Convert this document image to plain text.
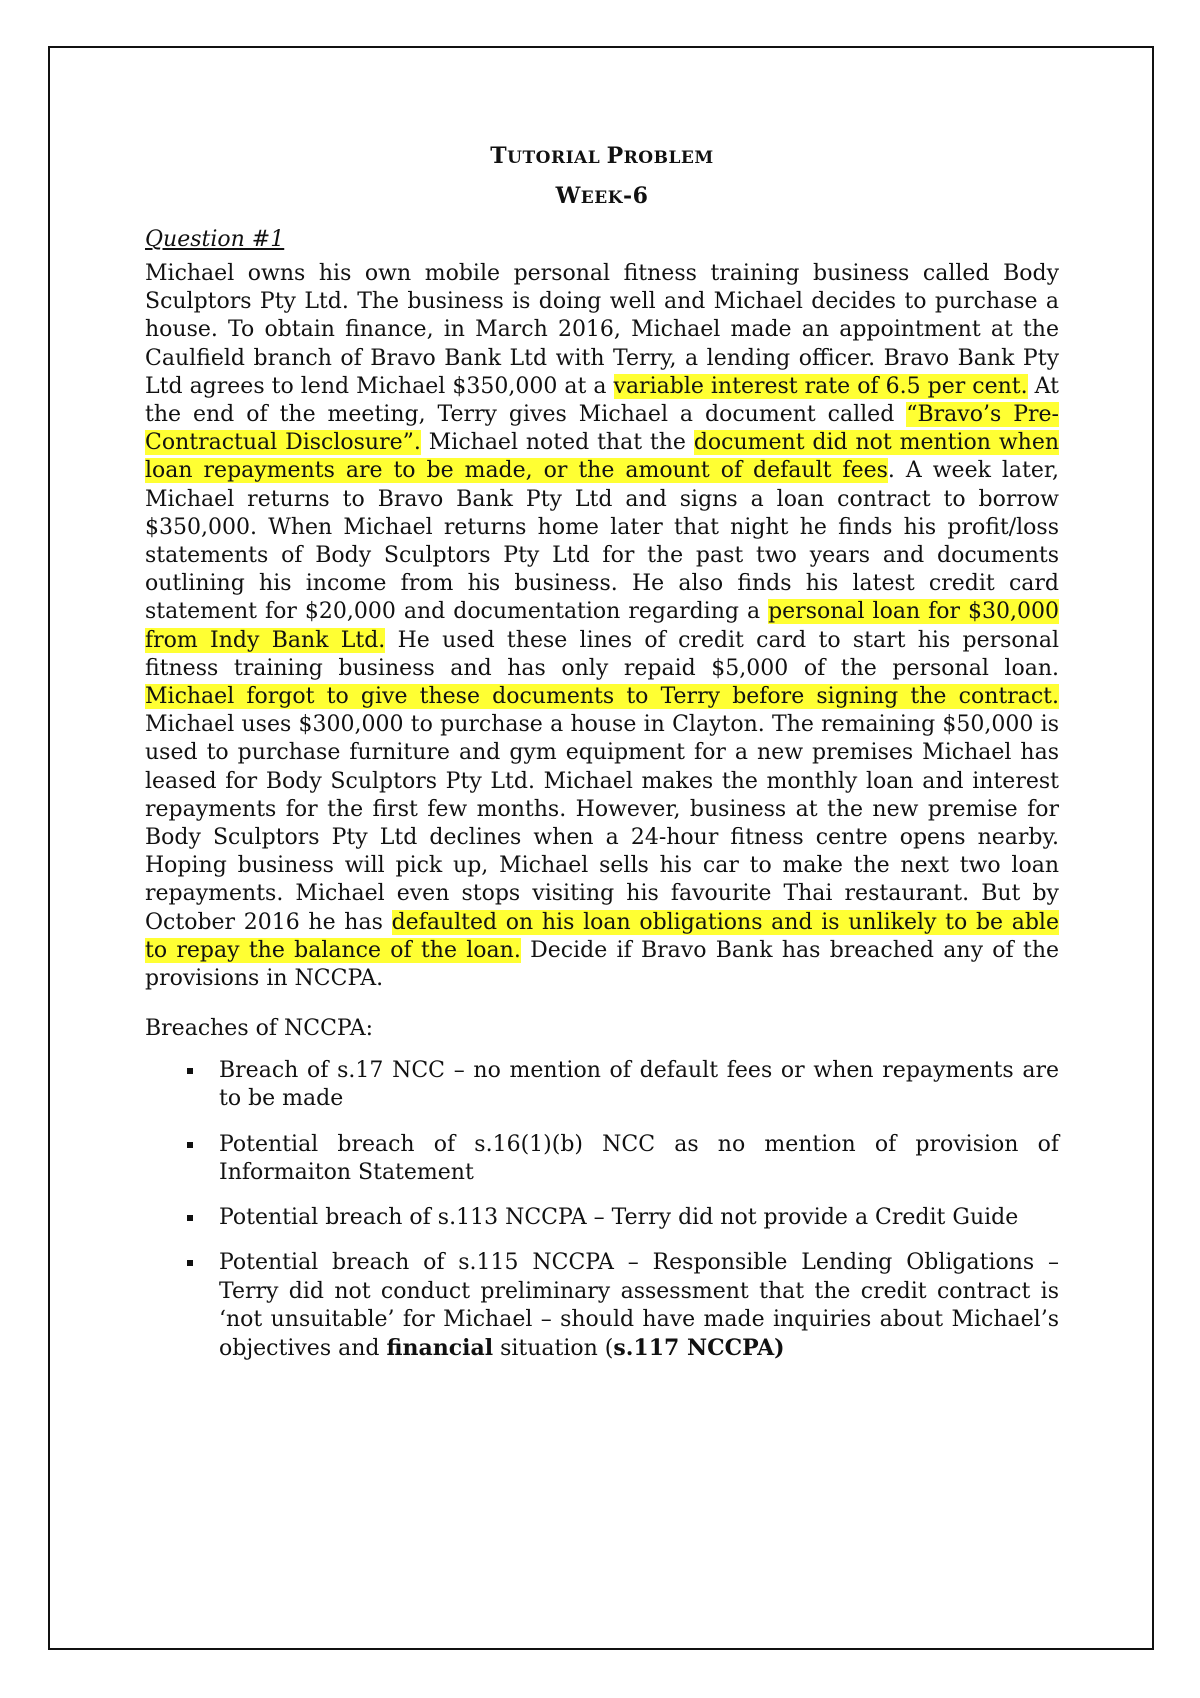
TUTORIAL PROBLEM
WEEK-6
Question #1

Michael owns his own mobile personal fitness training business called Body Sculptors Pty Ltd. The business is doing well and Michael decides to purchase a house. To obtain finance, in March 2016, Michael made an appointment at the Caulfield branch of Bravo Bank Ltd with Terry, a lending officer. Bravo Bank Pty Ltd agrees to lend Michael $350,000 at a variable interest rate of 6.5 per cent. At the end of the meeting, Terry gives Michael a document called “Bravo’s Pre-Contractual Disclosure”. Michael noted that the document did not mention when loan repayments are to be made, or the amount of default fees. A week later, Michael returns to Bravo Bank Pty Ltd and signs a loan contract to borrow $350,000. When Michael returns home later that night he finds his profit/loss statements of Body Sculptors Pty Ltd for the past two years and documents outlining his income from his business. He also finds his latest credit card statement for $20,000 and documentation regarding a personal loan for $30,000 from Indy Bank Ltd. He used these lines of credit card to start his personal fitness training business and has only repaid $5,000 of the personal loan. Michael forgot to give these documents to Terry before signing the contract. Michael uses $300,000 to purchase a house in Clayton. The remaining $50,000 is used to purchase furniture and gym equipment for a new premises Michael has leased for Body Sculptors Pty Ltd. Michael makes the monthly loan and interest repayments for the first few months. However, business at the new premise for Body Sculptors Pty Ltd declines when a 24-hour fitness centre opens nearby. Hoping business will pick up, Michael sells his car to make the next two loan repayments. Michael even stops visiting his favourite Thai restaurant. But by October 2016 he has defaulted on his loan obligations and is unlikely to be able to repay the balance of the loan. Decide if Bravo Bank has breached any of the provisions in NCCPA.

Breaches of NCCPA:
Breach of s.17 NCC – no mention of default fees or when repayments are to be made
Potential breach of s.16(1)(b) NCC as no mention of provision of Informaiton Statement
Potential breach of s.113 NCCPA – Terry did not provide a Credit Guide
Potential breach of s.115 NCCPA – Responsible Lending Obligations – Terry did not conduct preliminary assessment that the credit contract is ‘not unsuitable’ for Michael – should have made inquiries about Michael’s objectives and financial situation (s.117 NCCPA)
